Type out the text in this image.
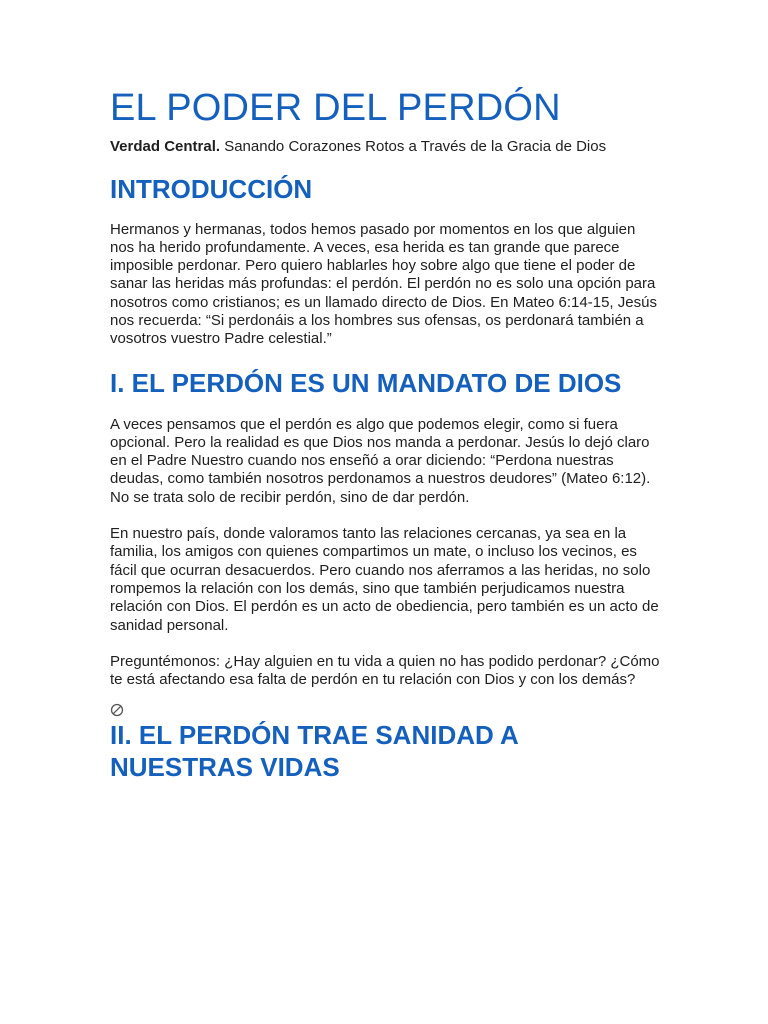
EL PODER DEL PERDÓN

Verdad Central. Sanando Corazones Rotos a Través de la Gracia de Dios

INTRODUCCIÓN

Hermanos y hermanas, todos hemos pasado por momentos en los que alguien nos ha herido profundamente. A veces, esa herida es tan grande que parece imposible perdonar. Pero quiero hablarles hoy sobre algo que tiene el poder de sanar las heridas más profundas: el perdón. El perdón no es solo una opción para nosotros como cristianos; es un llamado directo de Dios. En Mateo 6:14-15, Jesús nos recuerda: “Si perdonáis a los hombres sus ofensas, os perdonará también a vosotros vuestro Padre celestial.”

I. EL PERDÓN ES UN MANDATO DE DIOS

A veces pensamos que el perdón es algo que podemos elegir, como si fuera opcional. Pero la realidad es que Dios nos manda a perdonar. Jesús lo dejó claro en el Padre Nuestro cuando nos enseñó a orar diciendo: “Perdona nuestras deudas, como también nosotros perdonamos a nuestros deudores” (Mateo 6:12). No se trata solo de recibir perdón, sino de dar perdón.

En nuestro país, donde valoramos tanto las relaciones cercanas, ya sea en la familia, los amigos con quienes compartimos un mate, o incluso los vecinos, es fácil que ocurran desacuerdos. Pero cuando nos aferramos a las heridas, no solo rompemos la relación con los demás, sino que también perjudicamos nuestra relación con Dios. El perdón es un acto de obediencia, pero también es un acto de sanidad personal.

Preguntémonos: ¿Hay alguien en tu vida a quien no has podido perdonar? ¿Cómo te está afectando esa falta de perdón en tu relación con Dios y con los demás?

II. EL PERDÓN TRAE SANIDAD A NUESTRAS VIDAS
